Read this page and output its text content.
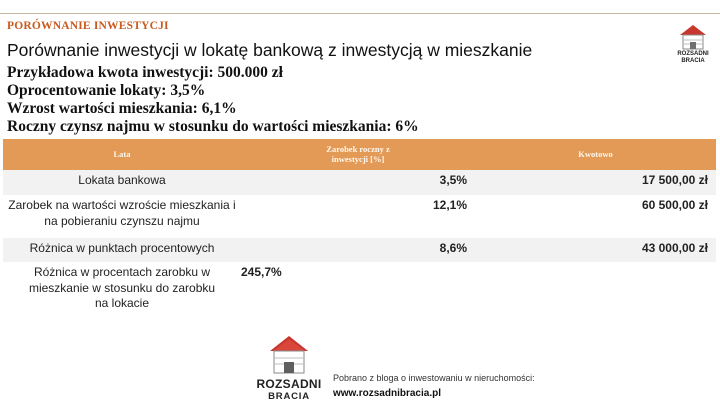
PORÓWNANIE INWESTYCJI
Porównanie inwestycji w lokatę bankową z inwestycją w mieszkanie
Przykładowa kwota inwestycji: 500.000 zł
Oprocentowanie lokaty: 3,5%
Wzrost wartości mieszkania: 6,1%
Roczny czynsz najmu w stosunku do wartości mieszkania: 6%
ROZSADNI
BRACIA
Lata	Zarobek roczny z inwestycji [%]	Kwotowo
Lokata bankowa	3,5%	17 500,00 zł
Zarobek na wartości wzroście mieszkania i na pobieraniu czynszu najmu	12,1%	60 500,00 zł
Różnica w punktach procentowych	8,6%	43 000,00 zł
Różnica w procentach zarobku w mieszkanie w stosunku do zarobku na lokacie	245,7%	
ROZSADNI
BRACIA
Pobrano z bloga o inwestowaniu w nieruchomości:
www.rozsadnibracia.pl
